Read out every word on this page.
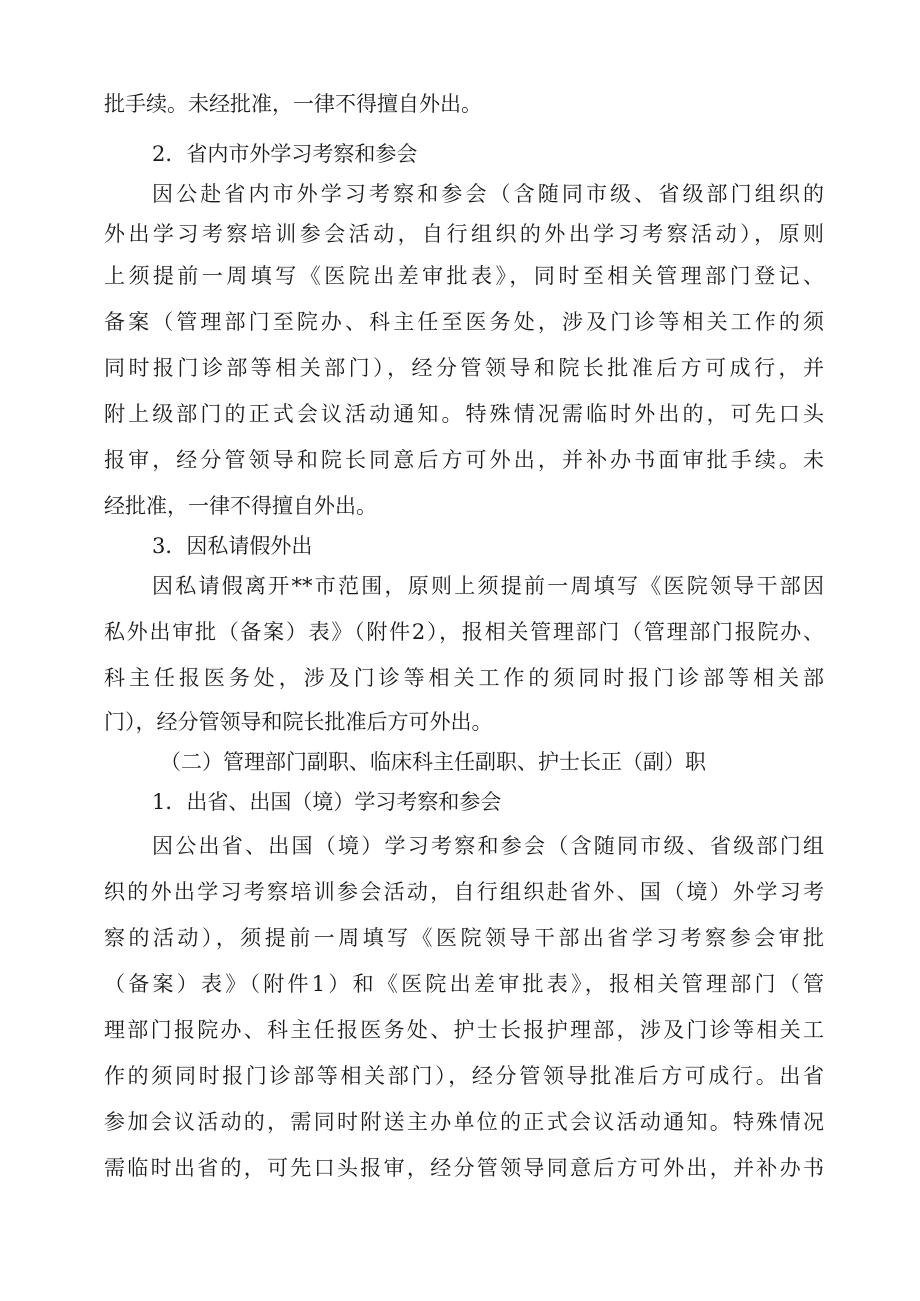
批手续。未经批准，一律不得擅自外出。
2．省内市外学习考察和参会
因公赴省内市外学习考察和参会（含随同市级、省级部门组织的
外出学习考察培训参会活动，自行组织的外出学习考察活动），原则
上须提前一周填写《医院出差审批表》，同时至相关管理部门登记、
备案（管理部门至院办、科主任至医务处，涉及门诊等相关工作的须
同时报门诊部等相关部门），经分管领导和院长批准后方可成行，并
附上级部门的正式会议活动通知。特殊情况需临时外出的，可先口头
报审，经分管领导和院长同意后方可外出，并补办书面审批手续。未
经批准，一律不得擅自外出。
3．因私请假外出
因私请假离开**市范围，原则上须提前一周填写《医院领导干部因
私外出审批（备案）表》（附件2），报相关管理部门（管理部门报院办、
科主任报医务处，涉及门诊等相关工作的须同时报门诊部等相关部
门），经分管领导和院长批准后方可外出。
（二）管理部门副职、临床科主任副职、护士长正（副）职
1．出省、出国（境）学习考察和参会
因公出省、出国（境）学习考察和参会（含随同市级、省级部门组
织的外出学习考察培训参会活动，自行组织赴省外、国（境）外学习考
察的活动），须提前一周填写《医院领导干部出省学习考察参会审批
（备案）表》（附件1）和《医院出差审批表》，报相关管理部门（管
理部门报院办、科主任报医务处、护士长报护理部，涉及门诊等相关工
作的须同时报门诊部等相关部门），经分管领导批准后方可成行。出省
参加会议活动的，需同时附送主办单位的正式会议活动通知。特殊情况
需临时出省的，可先口头报审，经分管领导同意后方可外出，并补办书
